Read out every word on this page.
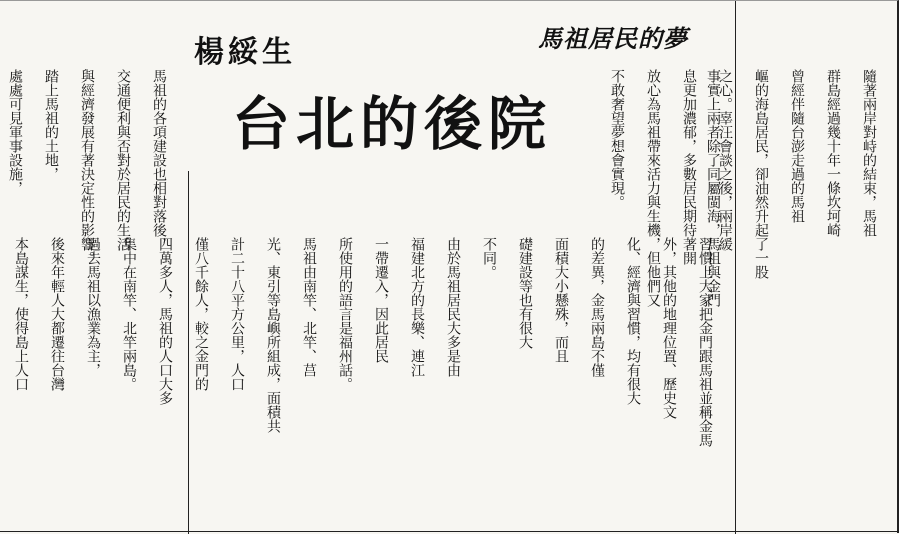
馬祖居民的夢
楊綏生
台北的後院	隨著兩岸對峙的結束，馬祖

群島經過幾十年一條坎坷崎

曾經伴隨台澎走過的馬祖

嶇的海島居民，卻油然升起了一股

之心。辜汪會談之後，兩岸緩

息更加濃郁，多數居民期待著開

放心為馬祖帶來活力與生機，但他們又

不敢奢望夢想會實現。
	事實上兩者除了同屬閩海，馬祖與金門

習慣上大家把金門跟馬祖並稱金馬

外，其他的地理位置、歷史文

化、經濟與習慣，均有很大

的差異，金馬兩島不僅

面積大小懸殊，而且

礎建設等也有很大

不同。

由於馬祖居民大多是由

福建北方的長樂、連江

一帶遷入，因此居民

所使用的語言是福州話。

馬祖由南竿、北竿、莒

光、東引等島嶼所組成，面積共

計二十八平方公里，人口

僅八千餘人，較之金門的

四萬多人，馬祖的人口大多

集中在南竿、北竿兩島。

過去馬祖以漁業為主，

後來年輕人大都遷往台灣

本島謀生，使得島上人口

馬祖的各項建設也相對落後，

交通便利與否對於居民的生活

與經濟發展有著決定性的影響。

踏上馬祖的土地，

處處可見軍事設施，
